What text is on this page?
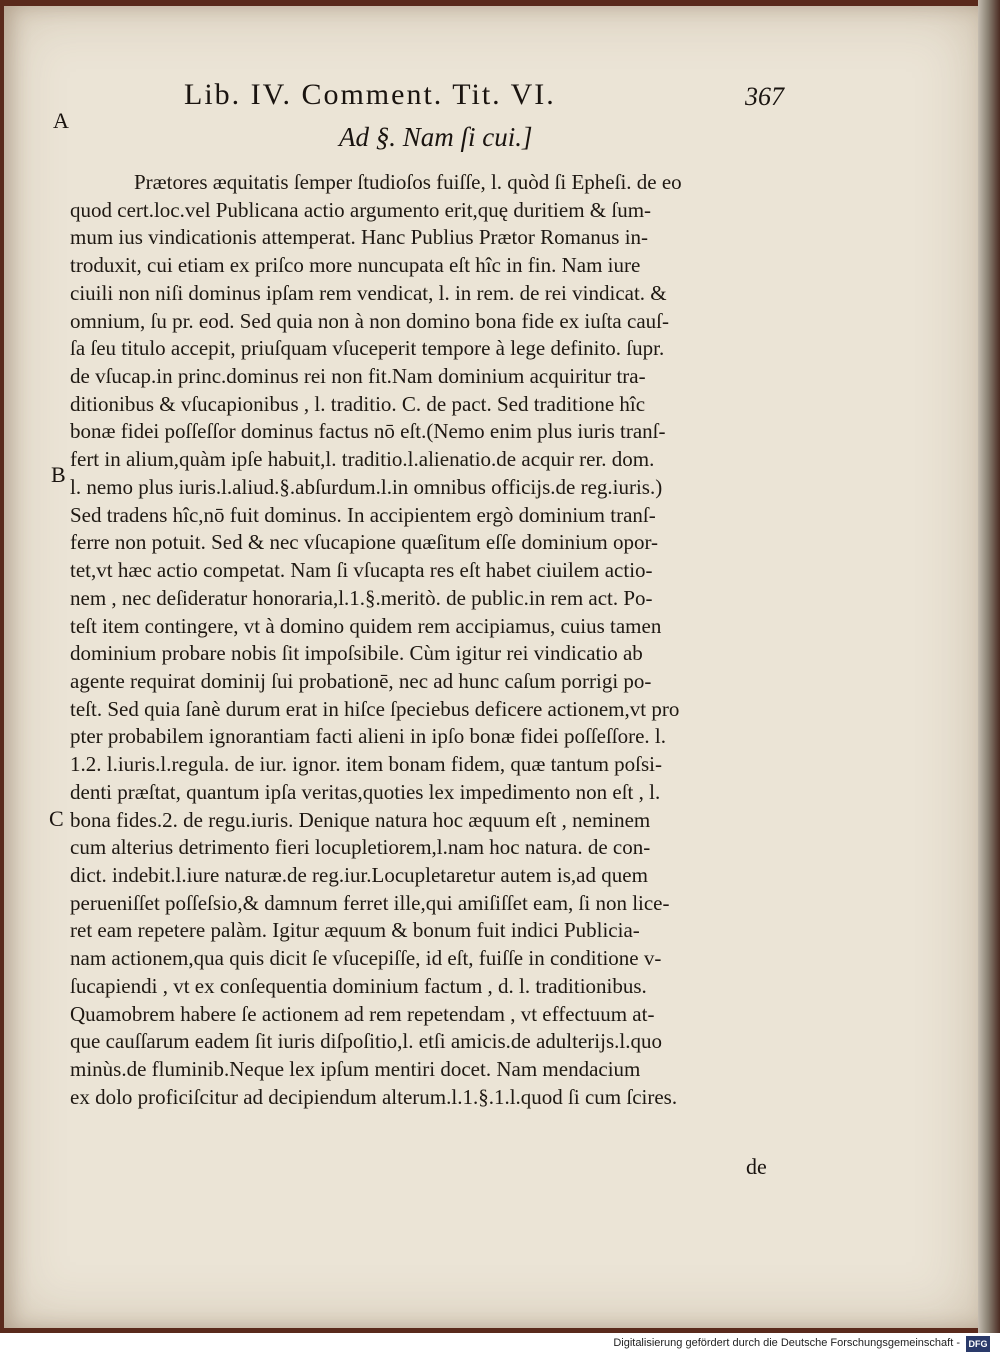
Lib. IV. Comment. Tit. VI.	367
A
B
C
Ad §. Nam ſi cui.]
Prætores æquitatis ſemper ſtudioſos fuiſſe, l. quòd ſi Epheſi. de eo
quod cert.loc.vel Publicana actio argumento erit,quę duritiem & ſum-
mum ius vindicationis attemperat. Hanc Publius Prætor Romanus in-
troduxit, cui etiam ex priſco more nuncupata eſt hîc in fin. Nam iure
ciuili non niſi dominus ipſam rem vendicat, l. in rem. de rei vindicat. &
omnium, ſu pr. eod. Sed quia non à non domino bona fide ex iuſta cauſ-
ſa ſeu titulo accepit, priuſquam vſuceperit tempore à lege definito. ſupr.
de vſucap.in princ.dominus rei non fit.Nam dominium acquiritur tra-
ditionibus & vſucapionibus , l. traditio. C. de pact. Sed traditione hîc
bonæ fidei poſſeſſor dominus factus nō eſt.(Nemo enim plus iuris tranſ-
fert in alium,quàm ipſe habuit,l. traditio.l.alienatio.de acquir rer. dom.
l. nemo plus iuris.l.aliud.§.abſurdum.l.in omnibus officijs.de reg.iuris.)
Sed tradens hîc,nō fuit dominus. In accipientem ergò dominium tranſ-
ferre non potuit. Sed & nec vſucapione quæſitum eſſe dominium opor-
tet,vt hæc actio competat. Nam ſi vſucapta res eſt habet ciuilem actio-
nem , nec deſideratur honoraria,l.1.§.meritò. de public.in rem act. Po-
teſt item contingere, vt à domino quidem rem accipiamus, cuius tamen
dominium probare nobis ſit impoſsibile. Cùm igitur rei vindicatio ab
agente requirat dominij ſui probationē, nec ad hunc caſum porrigi po-
teſt. Sed quia ſanè durum erat in hiſce ſpeciebus deficere actionem,vt pro
pter probabilem ignorantiam facti alieni in ipſo bonæ fidei poſſeſſore. l.
1.2. l.iuris.l.regula. de iur. ignor. item bonam fidem, quæ tantum poſsi-
denti præſtat, quantum ipſa veritas,quoties lex impedimento non eſt , l.
bona fides.2. de regu.iuris. Denique natura hoc æquum eſt , neminem
cum alterius detrimento fieri locupletiorem,l.nam hoc natura. de con-
dict. indebit.l.iure naturæ.de reg.iur.Locupletaretur autem is,ad quem
perueniſſet poſſeſsio,& damnum ferret ille,qui amiſiſſet eam, ſi non lice-
ret eam repetere palàm. Igitur æquum & bonum fuit indici Publicia-
nam actionem,qua quis dicit ſe vſucepiſſe, id eſt, fuiſſe in conditione v-
ſucapiendi , vt ex conſequentia dominium factum , d. l. traditionibus.
Quamobrem habere ſe actionem ad rem repetendam , vt effectuum at-
que cauſſarum eadem ſit iuris diſpoſitio,l. etſi amicis.de adulterijs.l.quo
minùs.de fluminib.Neque lex ipſum mentiri docet. Nam mendacium
ex dolo proficiſcitur ad decipiendum alterum.l.1.§.1.l.quod ſi cum ſcires.
de
Digitalisierung gefördert durch die Deutsche Forschungsgemeinschaft - DFG
